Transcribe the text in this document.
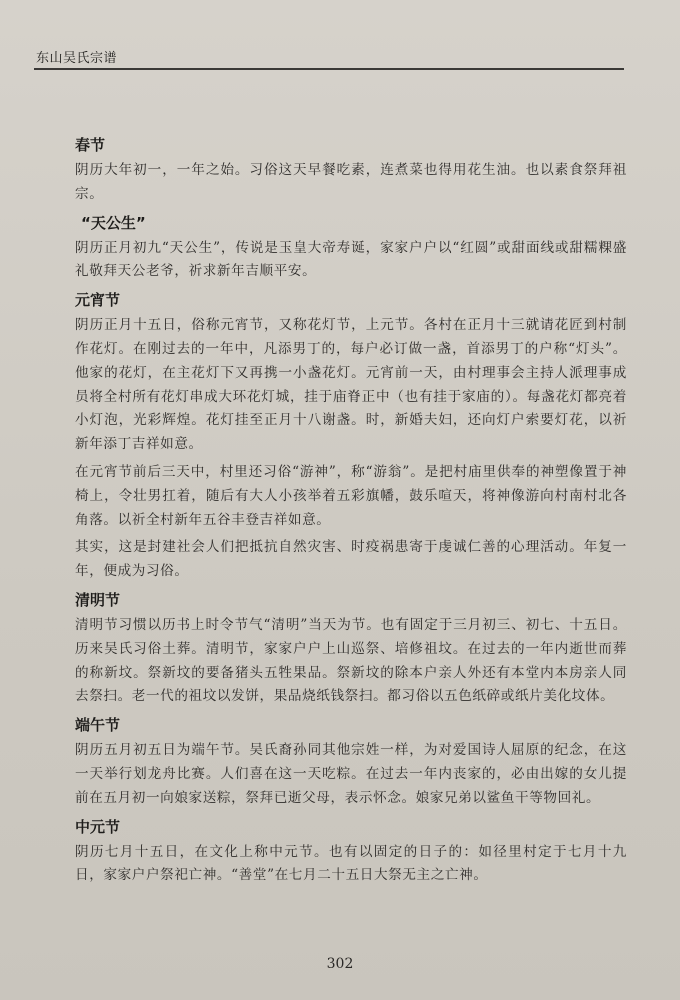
东山吴氏宗谱
春节

阴历大年初一，一年之始。习俗这天早餐吃素，连煮菜也得用花生油。也以素食祭拜祖宗。

“天公生”

阴历正月初九“天公生”，传说是玉皇大帝寿诞，家家户户以“红圆”或甜面线或甜糯粿盛礼敬拜天公老爷，祈求新年吉顺平安。

元宵节

阴历正月十五日，俗称元宵节，又称花灯节，上元节。各村在正月十三就请花匠到村制作花灯。在刚过去的一年中，凡添男丁的，每户必订做一盏，首添男丁的户称“灯头”。他家的花灯，在主花灯下又再携一小盏花灯。元宵前一天，由村理事会主持人派理事成员将全村所有花灯串成大环花灯城，挂于庙脊正中（也有挂于家庙的）。每盏花灯都亮着小灯泡，光彩辉煌。花灯挂至正月十八谢盏。时，新婚夫妇，还向灯户索要灯花，以祈新年添丁吉祥如意。

在元宵节前后三天中，村里还习俗“游神”，称“游翁”。是把村庙里供奉的神塑像置于神椅上，令壮男扛着，随后有大人小孩举着五彩旗幡，鼓乐喧天，将神像游向村南村北各角落。以祈全村新年五谷丰登吉祥如意。

其实，这是封建社会人们把抵抗自然灾害、时疫祸患寄于虔诚仁善的心理活动。年复一年，便成为习俗。

清明节

清明节习惯以历书上时令节气“清明”当天为节。也有固定于三月初三、初七、十五日。历来吴氏习俗土葬。清明节，家家户户上山巡祭、培修祖坟。在过去的一年内逝世而葬的称新坟。祭新坟的要备猪头五牲果品。祭新坟的除本户亲人外还有本堂内本房亲人同去祭扫。老一代的祖坟以发饼，果品烧纸钱祭扫。都习俗以五色纸碎或纸片美化坟体。

端午节

阴历五月初五日为端午节。吴氏裔孙同其他宗姓一样，为对爱国诗人屈原的纪念，在这一天举行划龙舟比赛。人们喜在这一天吃粽。在过去一年内丧家的，必由出嫁的女儿提前在五月初一向娘家送粽，祭拜已逝父母，表示怀念。娘家兄弟以鲨鱼干等物回礼。

中元节

阴历七月十五日，在文化上称中元节。也有以固定的日子的：如径里村定于七月十九日，家家户户祭祀亡神。“善堂”在七月二十五日大祭无主之亡神。

302
